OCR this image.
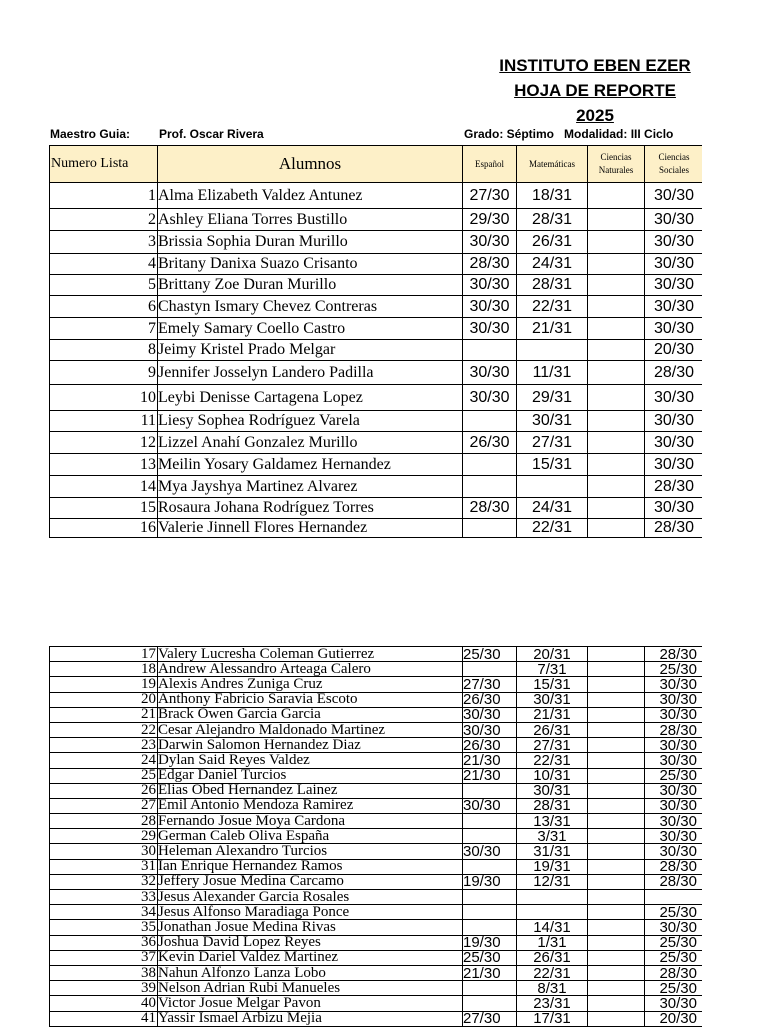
INSTITUTO EBEN EZER
HOJA DE REPORTE
2025
Maestro Guia: Prof. Oscar Rivera	Grado: Séptimo Modalidad: III Ciclo
Numero Lista	Alumnos	Español	Matemáticas	Ciencias Naturales	Ciencias Sociales
1	Alma Elizabeth Valdez Antunez	27/30	18/31		30/30
2	Ashley Eliana Torres Bustillo	29/30	28/31		30/30
3	Brissia Sophia Duran Murillo	30/30	26/31		30/30
4	Britany Danixa Suazo Crisanto	28/30	24/31		30/30
5	Brittany Zoe Duran Murillo	30/30	28/31		30/30
6	Chastyn Ismary Chevez Contreras	30/30	22/31		30/30
7	Emely Samary Coello Castro	30/30	21/31		30/30
8	Jeimy Kristel Prado Melgar				20/30
9	Jennifer Josselyn Landero Padilla	30/30	11/31		28/30
10	Leybi Denisse Cartagena Lopez	30/30	29/31		30/30
11	Liesy Sophea Rodríguez Varela		30/31		30/30
12	Lizzel Anahí Gonzalez Murillo	26/30	27/31		30/30
13	Meilin Yosary Galdamez Hernandez		15/31		30/30
14	Mya Jayshya Martinez Alvarez				28/30
15	Rosaura Johana Rodríguez Torres	28/30	24/31		30/30
16	Valerie Jinnell Flores Hernandez		22/31		28/30
17	Valery Lucresha Coleman Gutierrez	25/30	20/31		28/30
18	Andrew Alessandro Arteaga Calero		7/31		25/30
19	Alexis Andres Zuniga Cruz	27/30	15/31		30/30
20	Anthony Fabricio Saravia Escoto	26/30	30/31		30/30
21	Brack Owen Garcia Garcia	30/30	21/31		30/30
22	Cesar Alejandro Maldonado Martinez	30/30	26/31		28/30
23	Darwin Salomon Hernandez Diaz	26/30	27/31		30/30
24	Dylan Said Reyes Valdez	21/30	22/31		30/30
25	Edgar Daniel Turcios	21/30	10/31		25/30
26	Elias Obed Hernandez Lainez		30/31		30/30
27	Emil Antonio Mendoza Ramirez	30/30	28/31		30/30
28	Fernando Josue Moya Cardona		13/31		30/30
29	German Caleb Oliva España		3/31		30/30
30	Heleman Alexandro Turcios	30/30	31/31		30/30
31	Ian Enrique Hernandez Ramos		19/31		28/30
32	Jeffery Josue Medina Carcamo	19/30	12/31		28/30
33	Jesus Alexander Garcia Rosales				
34	Jesus Alfonso Maradiaga Ponce				25/30
35	Jonathan Josue Medina Rivas		14/31		30/30
36	Joshua David Lopez Reyes	19/30	1/31		25/30
37	Kevin Dariel Valdez Martinez	25/30	26/31		25/30
38	Nahun Alfonzo Lanza Lobo	21/30	22/31		28/30
39	Nelson Adrian Rubi Manueles		8/31		25/30
40	Victor Josue Melgar Pavon		23/31		30/30
41	Yassir Ismael Arbizu Mejia	27/30	17/31		20/30
